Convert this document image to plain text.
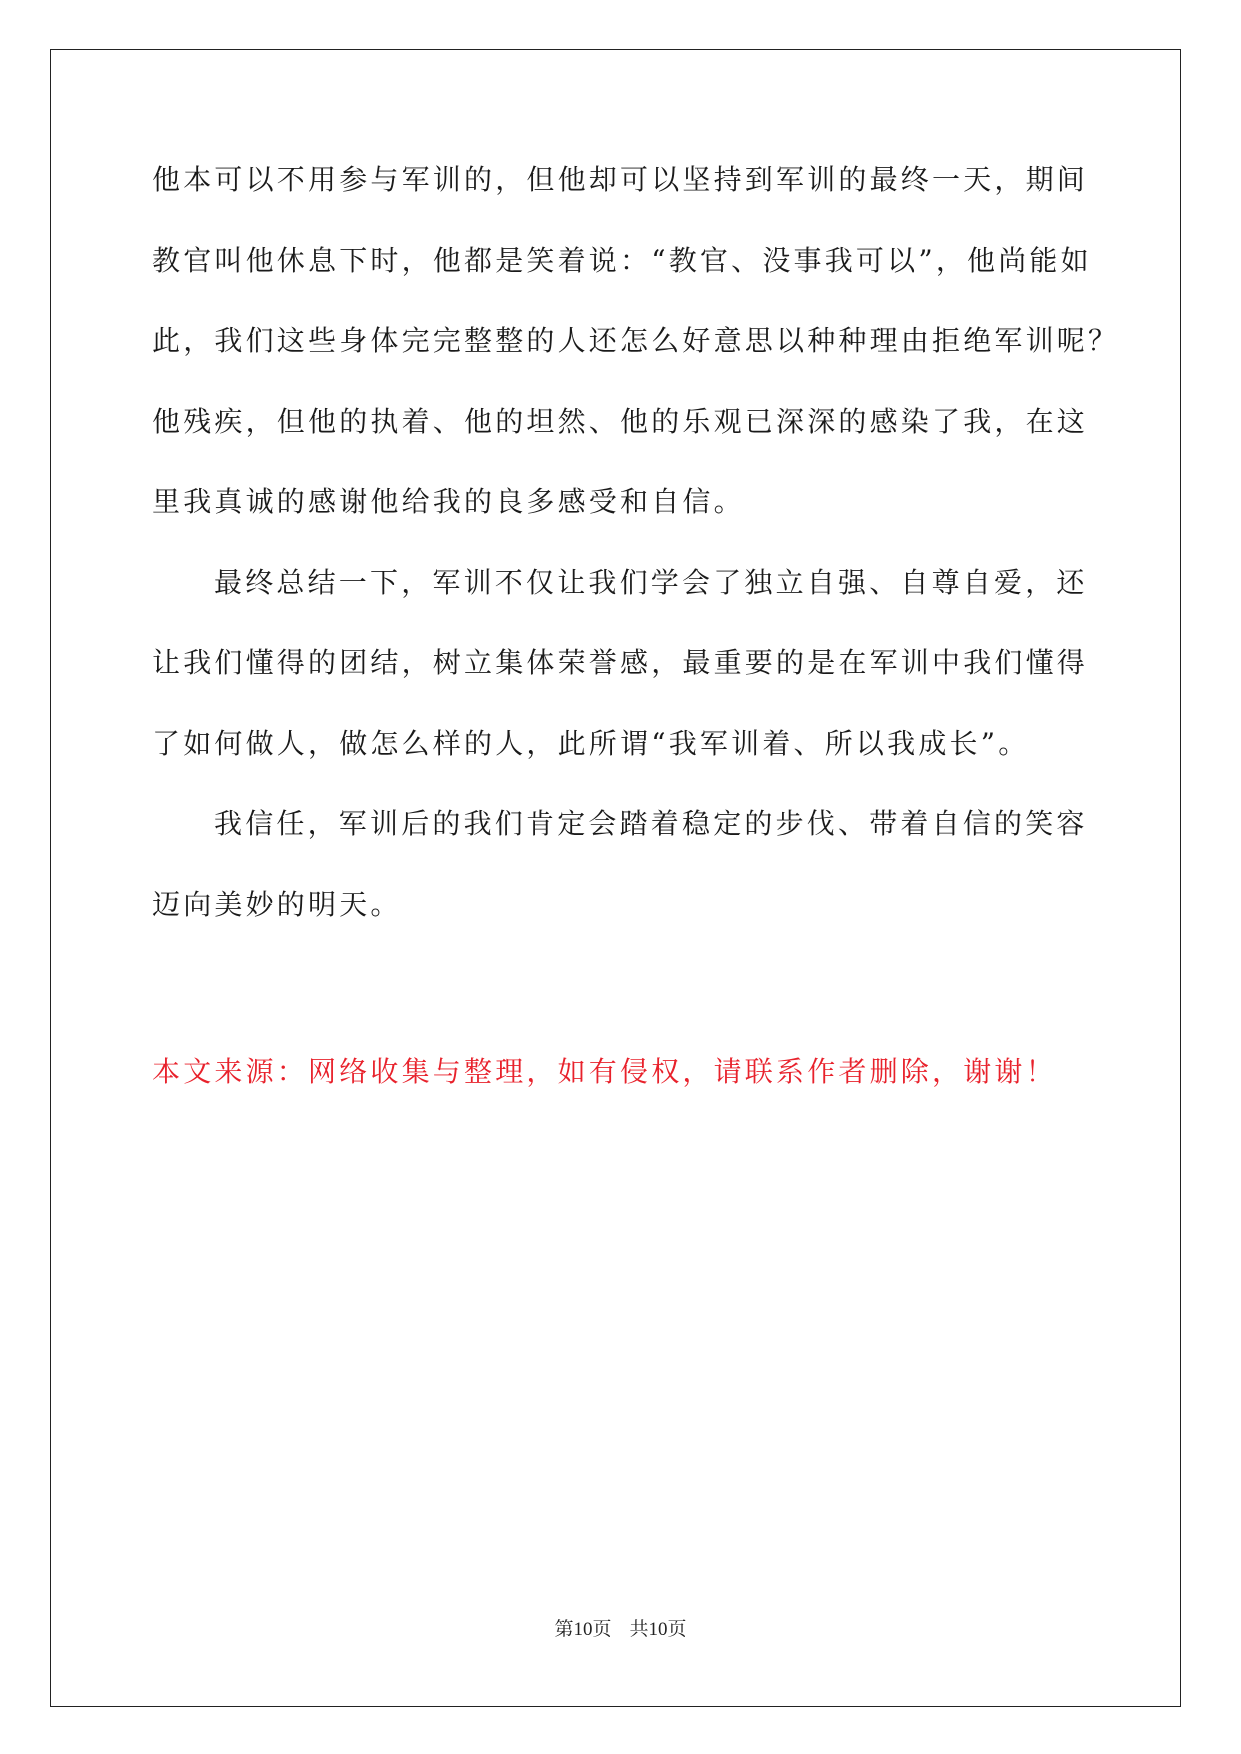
他本可以不用参与军训的，但他却可以坚持到军训的最终一天，期间
教官叫他休息下时，他都是笑着说：“教官、没事我可以”，他尚能如
此，我们这些身体完完整整的人还怎么好意思以种种理由拒绝军训呢？
他残疾，但他的执着、他的坦然、他的乐观已深深的感染了我，在这
里我真诚的感谢他给我的良多感受和自信。
最终总结一下，军训不仅让我们学会了独立自强、自尊自爱，还
让我们懂得的团结，树立集体荣誉感，最重要的是在军训中我们懂得
了如何做人，做怎么样的人，此所谓“我军训着、所以我成长”。
我信任，军训后的我们肯定会踏着稳定的步伐、带着自信的笑容
迈向美妙的明天。
本文来源：网络收集与整理，如有侵权，请联系作者删除，谢谢！
第10页 共10页
